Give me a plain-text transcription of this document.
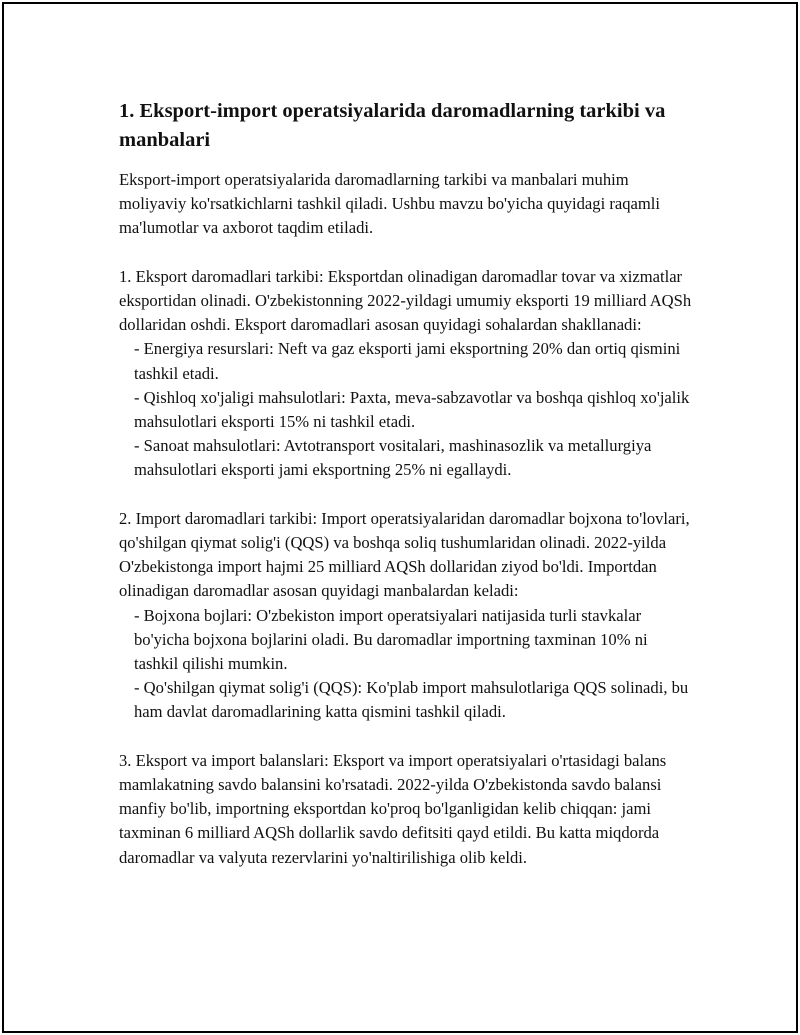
1. Eksport-import operatsiyalarida daromadlarning tarkibi va manbalari

Eksport-import operatsiyalarida daromadlarning tarkibi va manbalari muhim moliyaviy ko'rsatkichlarni tashkil qiladi. Ushbu mavzu bo'yicha quyidagi raqamli ma'lumotlar va axborot taqdim etiladi.

1. Eksport daromadlari tarkibi: Eksportdan olinadigan daromadlar tovar va xizmatlar eksportidan olinadi. O'zbekistonning 2022-yildagi umumiy eksporti 19 milliard AQSh dollaridan oshdi. Eksport daromadlari asosan quyidagi sohalardan shakllanadi:

- Energiya resurslari: Neft va gaz eksporti jami eksportning 20% dan ortiq qismini tashkil etadi.
- Qishloq xo'jaligi mahsulotlari: Paxta, meva-sabzavotlar va boshqa qishloq xo'jalik mahsulotlari eksporti 15% ni tashkil etadi.
- Sanoat mahsulotlari: Avtotransport vositalari, mashinasozlik va metallurgiya mahsulotlari eksporti jami eksportning 25% ni egallaydi.

2. Import daromadlari tarkibi: Import operatsiyalaridan daromadlar bojxona to'lovlari, qo'shilgan qiymat solig'i (QQS) va boshqa soliq tushumlaridan olinadi. 2022-yilda O'zbekistonga import hajmi 25 milliard AQSh dollaridan ziyod bo'ldi. Importdan olinadigan daromadlar asosan quyidagi manbalardan keladi:

- Bojxona bojlari: O'zbekiston import operatsiyalari natijasida turli stavkalar bo'yicha bojxona bojlarini oladi. Bu daromadlar importning taxminan 10% ni tashkil qilishi mumkin.
- Qo'shilgan qiymat solig'i (QQS): Ko'plab import mahsulotlariga QQS solinadi, bu ham davlat daromadlarining katta qismini tashkil qiladi.

3. Eksport va import balanslari: Eksport va import operatsiyalari o'rtasidagi balans mamlakatning savdo balansini ko'rsatadi. 2022-yilda O'zbekistonda savdo balansi manfiy bo'lib, importning eksportdan ko'proq bo'lganligidan kelib chiqqan: jami taxminan 6 milliard AQSh dollarlik savdo defitsiti qayd etildi. Bu katta miqdorda daromadlar va valyuta rezervlarini yo'naltirilishiga olib keldi.
